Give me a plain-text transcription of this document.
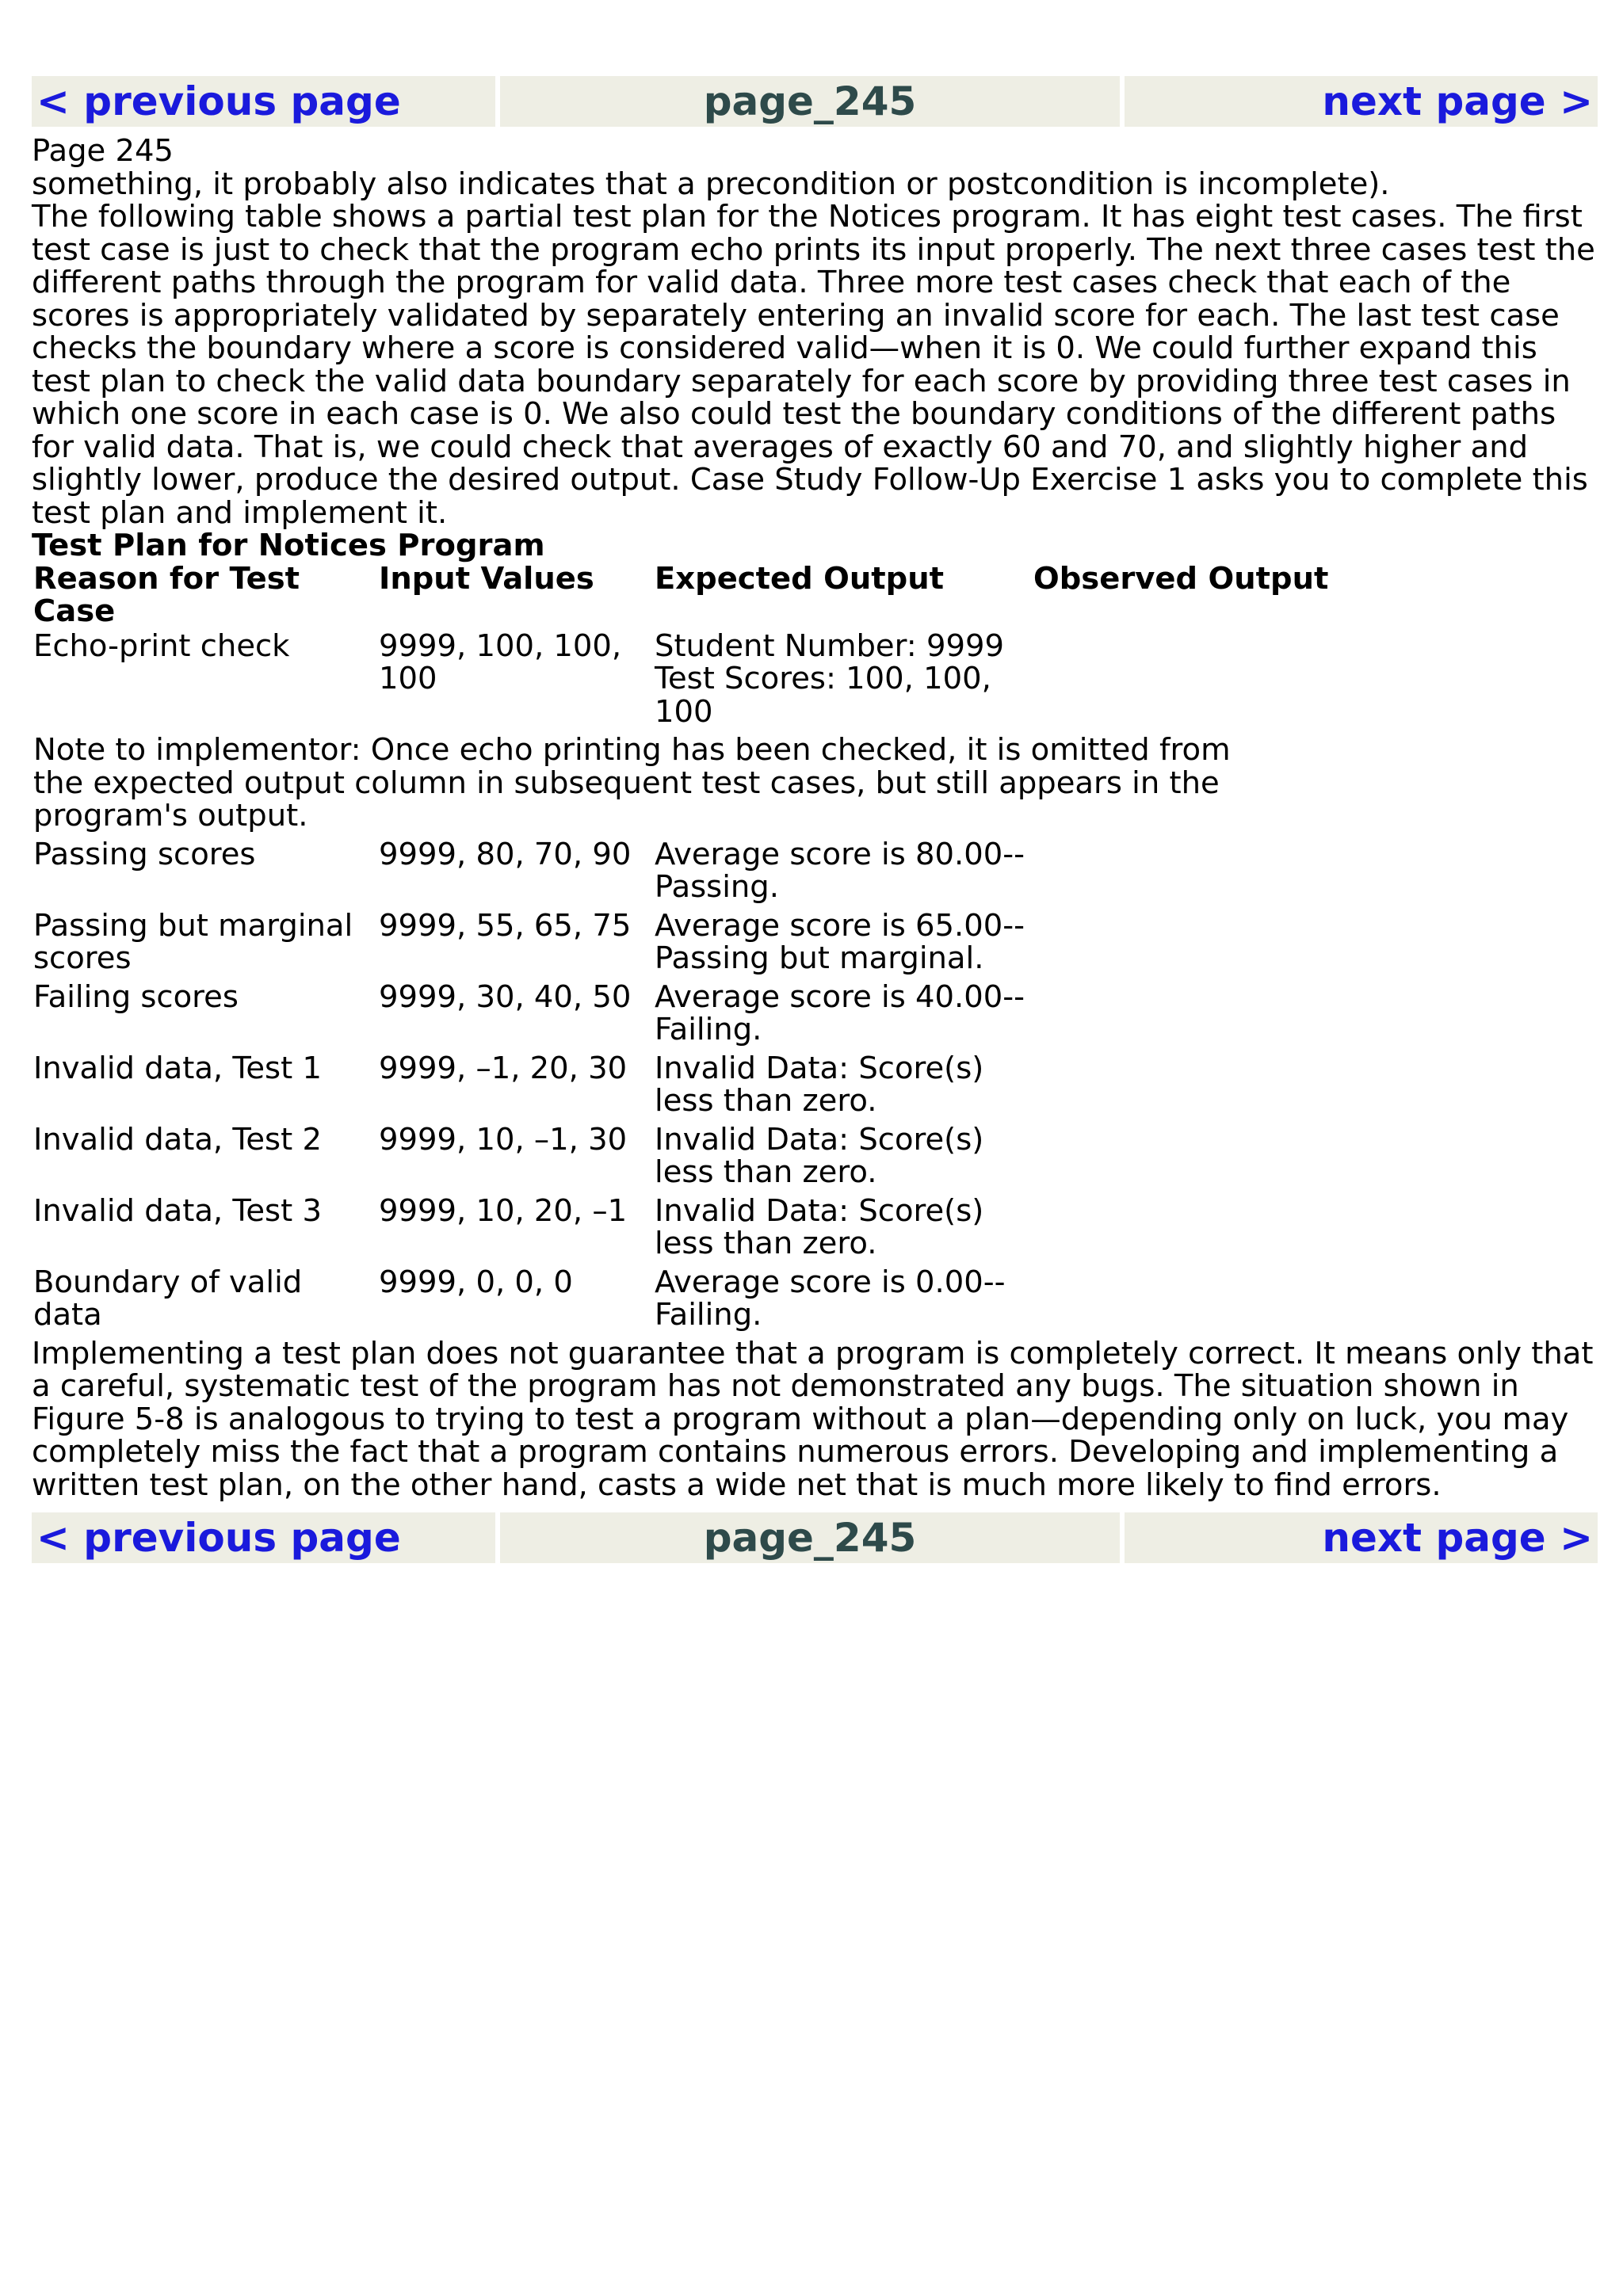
< previous page	page_245	next page >

Page 245

something, it probably also indicates that a precondition or postcondition is incomplete).

The following table shows a partial test plan for the Notices program. It has eight test cases. The first test case is just to check that the program echo prints its input properly. The next three cases test the different paths through the program for valid data. Three more test cases check that each of the scores is appropriately validated by separately entering an invalid score for each. The last test case checks the boundary where a score is considered valid—when it is 0. We could further expand this test plan to check the valid data boundary separately for each score by providing three test cases in which one score in each case is 0. We also could test the boundary conditions of the different paths for valid data. That is, we could check that averages of exactly 60 and 70, and slightly higher and slightly lower, produce the desired output. Case Study Follow-Up Exercise 1 asks you to complete this test plan and implement it.

Test Plan for Notices Program

Reason for Test Case	Input Values	Expected Output	Observed Output
Echo-print check	9999, 100, 100, 100	Student Number: 9999 Test Scores: 100, 100, 100	

Note to implementor: Once echo printing has been checked, it is omitted from the expected output column in subsequent test cases, but still appears in the program's output.			

Passing scores	9999, 80, 70, 90	Average score is 80.00--Passing.	
Passing but marginal scores	9999, 55, 65, 75	Average score is 65.00--Passing but marginal.	
Failing scores	9999, 30, 40, 50	Average score is 40.00--Failing.	
Invalid data, Test 1	9999, –1, 20, 30	Invalid Data: Score(s) less than zero.	
Invalid data, Test 2	9999, 10, –1, 30	Invalid Data: Score(s) less than zero.	
Invalid data, Test 3	9999, 10, 20, –1	Invalid Data: Score(s) less than zero.	
Boundary of valid data	9999, 0, 0, 0	Average score is 0.00--Failing.	

Implementing a test plan does not guarantee that a program is completely correct. It means only that a careful, systematic test of the program has not demonstrated any bugs. The situation shown in Figure 5-8 is analogous to trying to test a program without a plan—depending only on luck, you may completely miss the fact that a program contains numerous errors. Developing and implementing a written test plan, on the other hand, casts a wide net that is much more likely to find errors.

< previous page	page_245	next page >
